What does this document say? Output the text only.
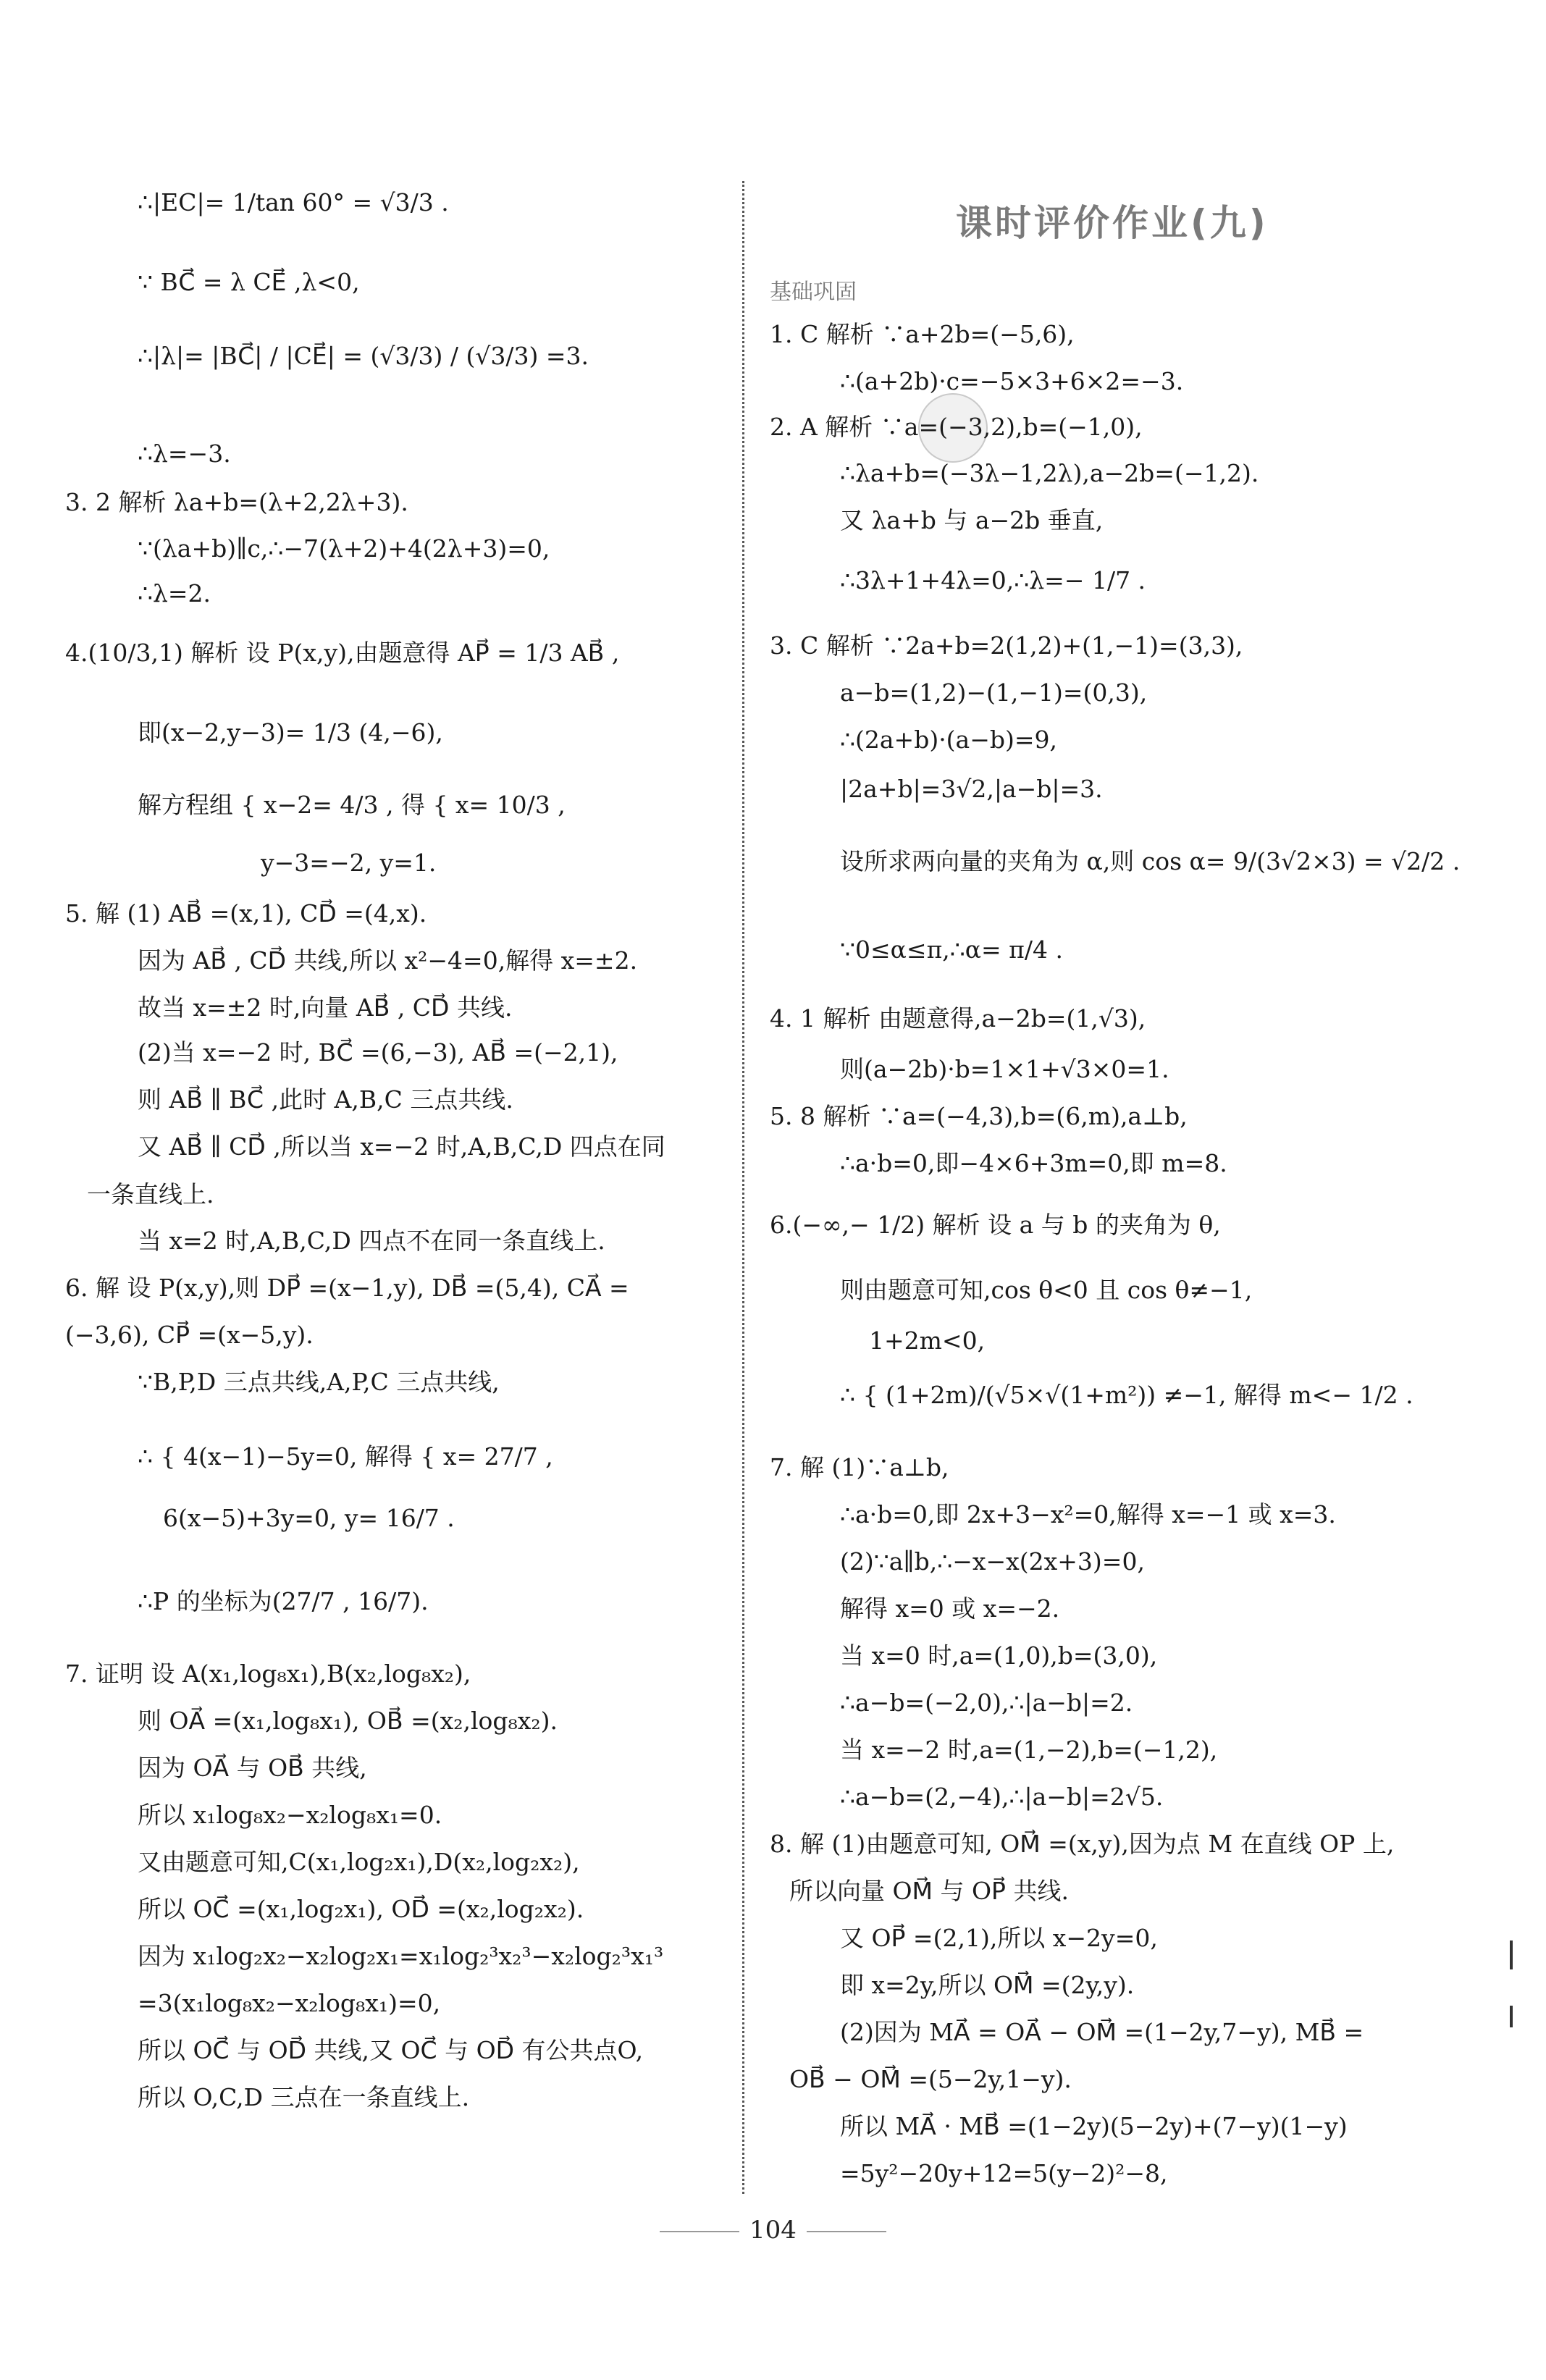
课时评价作业(九)
基础巩固
∴|EC|= 1/tan 60° = √3/3 .
∵ BC⃗ = λ CE⃗ ,λ<0,
∴|λ|= |BC⃗| / |CE⃗| = (√3/3) / (√3/3) =3.
∴λ=−3.
3. 2 解析 λa+b=(λ+2,2λ+3).
∵(λa+b)∥c,∴−7(λ+2)+4(2λ+3)=0,
∴λ=2.
4.(10/3,1) 解析 设 P(x,y),由题意得 AP⃗ = 1/3 AB⃗ ,
即(x−2,y−3)= 1/3 (4,−6),
解方程组 { x−2= 4/3 , 得 { x= 10/3 ,
y−3=−2, y=1.
5. 解 (1) AB⃗ =(x,1), CD⃗ =(4,x).
因为 AB⃗ , CD⃗ 共线,所以 x²−4=0,解得 x=±2.
故当 x=±2 时,向量 AB⃗ , CD⃗ 共线.
(2)当 x=−2 时, BC⃗ =(6,−3), AB⃗ =(−2,1),
则 AB⃗ ∥ BC⃗ ,此时 A,B,C 三点共线.
又 AB⃗ ∥ CD⃗ ,所以当 x=−2 时,A,B,C,D 四点在同
一条直线上.
当 x=2 时,A,B,C,D 四点不在同一条直线上.
6. 解 设 P(x,y),则 DP⃗ =(x−1,y), DB⃗ =(5,4), CA⃗ =
(−3,6), CP⃗ =(x−5,y).
∵B,P,D 三点共线,A,P,C 三点共线,
∴ { 4(x−1)−5y=0, 解得 { x= 27/7 ,
6(x−5)+3y=0, y= 16/7 .
∴P 的坐标为(27/7 , 16/7).
7. 证明 设 A(x₁,log₈x₁),B(x₂,log₈x₂),
则 OA⃗ =(x₁,log₈x₁), OB⃗ =(x₂,log₈x₂).
因为 OA⃗ 与 OB⃗ 共线,
所以 x₁log₈x₂−x₂log₈x₁=0.
又由题意可知,C(x₁,log₂x₁),D(x₂,log₂x₂),
所以 OC⃗ =(x₁,log₂x₁), OD⃗ =(x₂,log₂x₂).
因为 x₁log₂x₂−x₂log₂x₁=x₁log₂³x₂³−x₂log₂³x₁³
=3(x₁log₈x₂−x₂log₈x₁)=0,
所以 OC⃗ 与 OD⃗ 共线,又 OC⃗ 与 OD⃗ 有公共点O,
所以 O,C,D 三点在一条直线上.
1. C 解析 ∵a+2b=(−5,6),
∴(a+2b)·c=−5×3+6×2=−3.
2. A 解析 ∵a=(−3,2),b=(−1,0),
∴λa+b=(−3λ−1,2λ),a−2b=(−1,2).
又 λa+b 与 a−2b 垂直,
∴3λ+1+4λ=0,∴λ=− 1/7 .
3. C 解析 ∵2a+b=2(1,2)+(1,−1)=(3,3),
a−b=(1,2)−(1,−1)=(0,3),
∴(2a+b)·(a−b)=9,
|2a+b|=3√2,|a−b|=3.
设所求两向量的夹角为 α,则 cos α= 9/(3√2×3) = √2/2 .
∵0≤α≤π,∴α= π/4 .
4. 1 解析 由题意得,a−2b=(1,√3),
则(a−2b)·b=1×1+√3×0=1.
5. 8 解析 ∵a=(−4,3),b=(6,m),a⊥b,
∴a·b=0,即−4×6+3m=0,即 m=8.
6.(−∞,− 1/2) 解析 设 a 与 b 的夹角为 θ,
则由题意可知,cos θ<0 且 cos θ≠−1,
1+2m<0,
∴ { (1+2m)/(√5×√(1+m²)) ≠−1, 解得 m<− 1/2 .
7. 解 (1)∵a⊥b,
∴a·b=0,即 2x+3−x²=0,解得 x=−1 或 x=3.
(2)∵a∥b,∴−x−x(2x+3)=0,
解得 x=0 或 x=−2.
当 x=0 时,a=(1,0),b=(3,0),
∴a−b=(−2,0),∴|a−b|=2.
当 x=−2 时,a=(1,−2),b=(−1,2),
∴a−b=(2,−4),∴|a−b|=2√5.
8. 解 (1)由题意可知, OM⃗ =(x,y),因为点 M 在直线 OP 上,
所以向量 OM⃗ 与 OP⃗ 共线.
又 OP⃗ =(2,1),所以 x−2y=0,
即 x=2y,所以 OM⃗ =(2y,y).
(2)因为 MA⃗ = OA⃗ − OM⃗ =(1−2y,7−y), MB⃗ =
OB⃗ − OM⃗ =(5−2y,1−y).
所以 MA⃗ · MB⃗ =(1−2y)(5−2y)+(7−y)(1−y)
=5y²−20y+12=5(y−2)²−8,
104
